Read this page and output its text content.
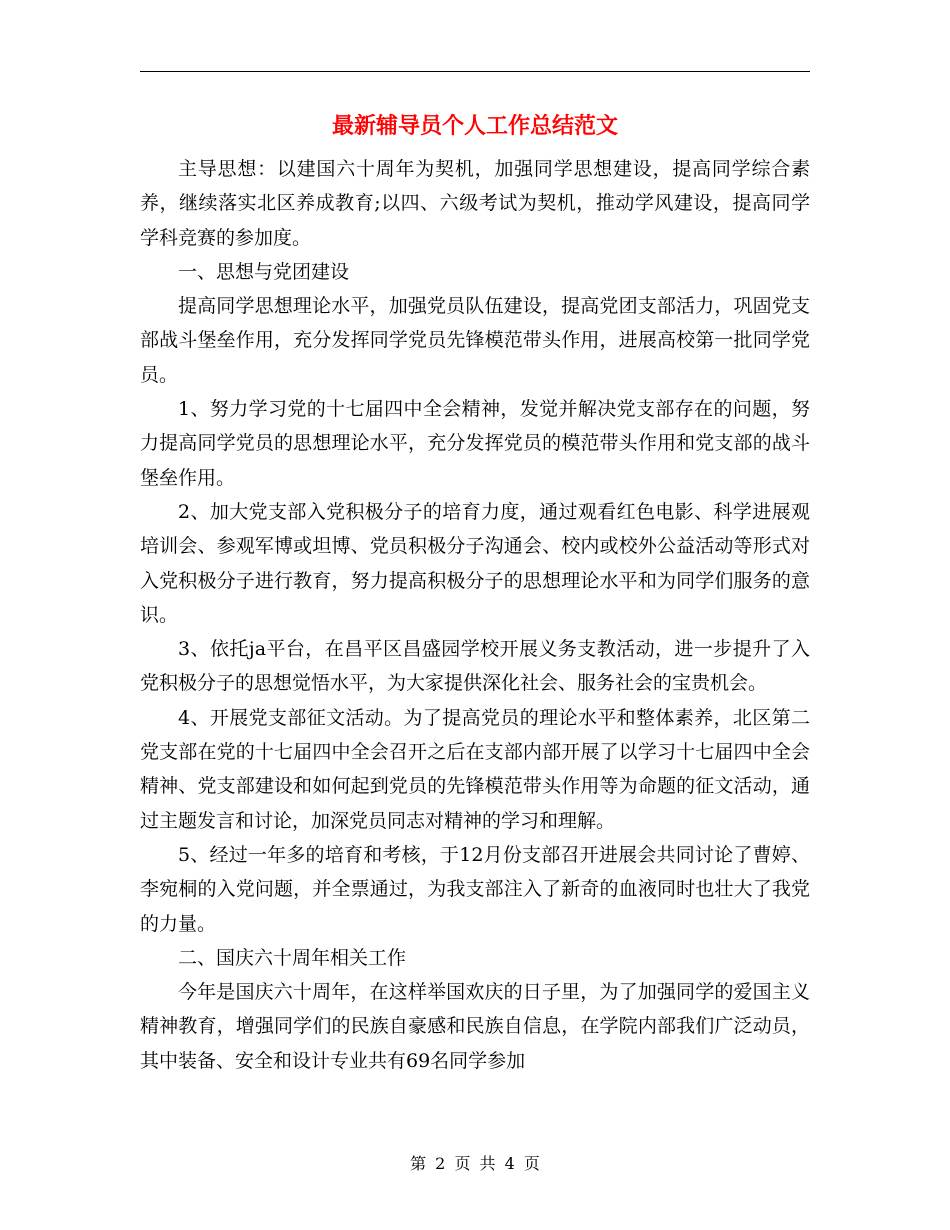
最新辅导员个人工作总结范文

主导思想：以建国六十周年为契机，加强同学思想建设，提高同学综合素养，继续落实北区养成教育;以四、六级考试为契机，推动学风建设，提高同学学科竞赛的参加度。

一、思想与党团建设

提高同学思想理论水平，加强党员队伍建设，提高党团支部活力，巩固党支部战斗堡垒作用，充分发挥同学党员先锋模范带头作用，进展高校第一批同学党员。

1、努力学习党的十七届四中全会精神，发觉并解决党支部存在的问题，努力提高同学党员的思想理论水平，充分发挥党员的模范带头作用和党支部的战斗堡垒作用。

2、加大党支部入党积极分子的培育力度，通过观看红色电影、科学进展观培训会、参观军博或坦博、党员积极分子沟通会、校内或校外公益活动等形式对入党积极分子进行教育，努力提高积极分子的思想理论水平和为同学们服务的意识。

3、依托ja平台，在昌平区昌盛园学校开展义务支教活动，进一步提升了入党积极分子的思想觉悟水平，为大家提供深化社会、服务社会的宝贵机会。

4、开展党支部征文活动。为了提高党员的理论水平和整体素养，北区第二党支部在党的十七届四中全会召开之后在支部内部开展了以学习十七届四中全会精神、党支部建设和如何起到党员的先锋模范带头作用等为命题的征文活动，通过主题发言和讨论，加深党员同志对精神的学习和理解。

5、经过一年多的培育和考核，于12月份支部召开进展会共同讨论了曹婷、李宛桐的入党问题，并全票通过，为我支部注入了新奇的血液同时也壮大了我党的力量。

二、国庆六十周年相关工作

今年是国庆六十周年，在这样举国欢庆的日子里，为了加强同学的爱国主义精神教育，增强同学们的民族自豪感和民族自信息，在学院内部我们广泛动员，其中装备、安全和设计专业共有69名同学参加

第 2 页 共 4 页
